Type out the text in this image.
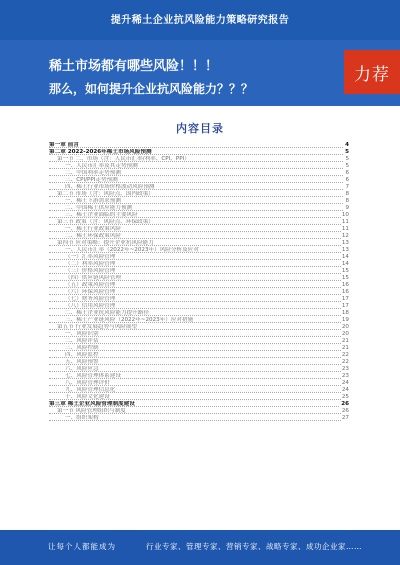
提升稀土企业抗风险能力策略研究报告
稀土市场都有哪些风险！！！
那么，如何提升企业抗风险能力？？？
力荐
内容目录
第一章 前言	4
第二章 2022-2026年稀土市场风险预测	5
第一节 二、市场（含：人民币汇率/利率、CPI、PPI）	5
一、人民币汇率及其走势预测	5
二、中国利率走势预测	6
三、CPI/PPI走势预测	6
四、稀土行业市场价格波动风险预测	7
第二节 市场（含：风险点、国内政策）	8
一、稀土下游需求预测	8
二、中国稀土供应能力预测	9
三、稀土企业面临的主要风险	10
第三节 政策（含：风险点、环保政策）	11
一、稀土行业政策风险	11
二、稀土环保政策风险	12
第四节 应对策略：提升企业抗风险能力	13
一、人民币汇率（2022年~2023年）风险分析及应对	13
（一）汇率风险管理	14
（二）利率风险管理	14
（三）价格风险管理	15
（四）供应链风险管理	15
（五）政策风险管理	16
（六）环保风险管理	16
（七）财务风险管理	17
（八）信用风险管理	17
二、稀土企业抗风险能力提升路径	18
三、稀土产业链风险（2022年~2023年）应对措施	19
第五节 行业发展趋势与风险展望	20
一、风险识别	20
二、风险评估	21
三、风险控制	21
四、风险监控	22
五、风险预警	22
六、风险应急	23
七、风险管理体系建设	23
八、风险管理评价	24
九、风险管理信息化	24
十、风险文化建设	25
第三章 稀土企业风险管理制度建设	26
第一节 风险管理组织与制度	26
一、组织架构	27
让每个人都能成为	行业专家、管理专家、营销专家、战略专家、成功企业家……
